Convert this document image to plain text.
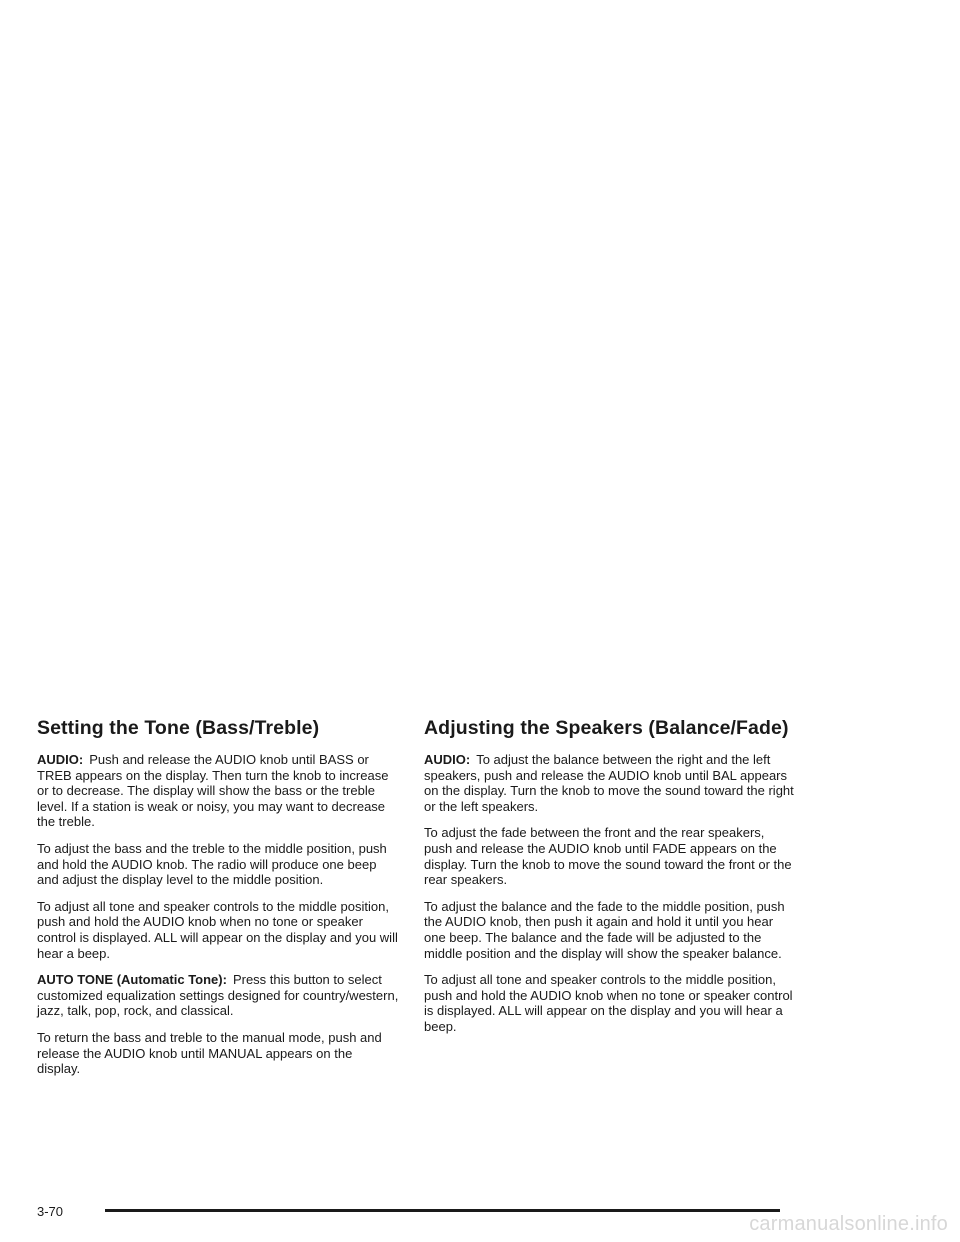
Setting the Tone (Bass/Treble)

AUDIO: Push and release the AUDIO knob until BASS or TREB appears on the display. Then turn the knob to increase or to decrease. The display will show the bass or the treble level. If a station is weak or noisy, you may want to decrease the treble.

To adjust the bass and the treble to the middle position, push and hold the AUDIO knob. The radio will produce one beep and adjust the display level to the middle position.

To adjust all tone and speaker controls to the middle position, push and hold the AUDIO knob when no tone or speaker control is displayed. ALL will appear on the display and you will hear a beep.

AUTO TONE (Automatic Tone): Press this button to select customized equalization settings designed for country/western, jazz, talk, pop, rock, and classical.

To return the bass and treble to the manual mode, push and release the AUDIO knob until MANUAL appears on the display.

Adjusting the Speakers (Balance/Fade)

AUDIO: To adjust the balance between the right and the left speakers, push and release the AUDIO knob until BAL appears on the display. Turn the knob to move the sound toward the right or the left speakers.

To adjust the fade between the front and the rear speakers, push and release the AUDIO knob until FADE appears on the display. Turn the knob to move the sound toward the front or the rear speakers.

To adjust the balance and the fade to the middle position, push the AUDIO knob, then push it again and hold it until you hear one beep. The balance and the fade will be adjusted to the middle position and the display will show the speaker balance.

To adjust all tone and speaker controls to the middle position, push and hold the AUDIO knob when no tone or speaker control is displayed. ALL will appear on the display and you will hear a beep.

3-70
carmanualsonline.info
